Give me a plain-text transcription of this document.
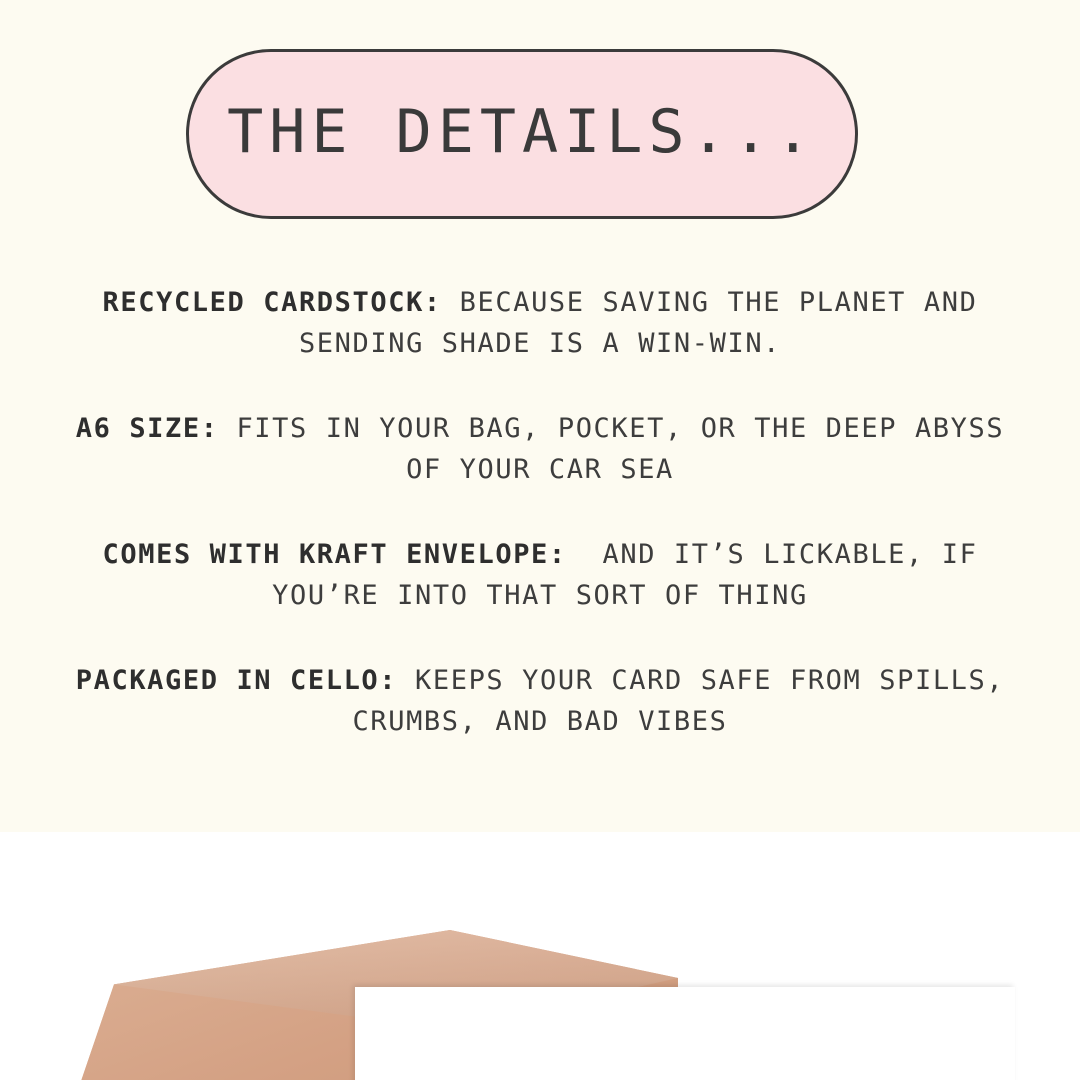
THE DETAILS...
RECYCLED CARDSTOCK: BECAUSE SAVING THE PLANET AND SENDING SHADE IS A WIN-WIN.
A6 SIZE: FITS IN YOUR BAG, POCKET, OR THE DEEP ABYSS OF YOUR CAR SEA
COMES WITH KRAFT ENVELOPE:  AND IT’S LICKABLE, IF YOU’RE INTO THAT SORT OF THING
PACKAGED IN CELLO: KEEPS YOUR CARD SAFE FROM SPILLS, CRUMBS, AND BAD VIBES
